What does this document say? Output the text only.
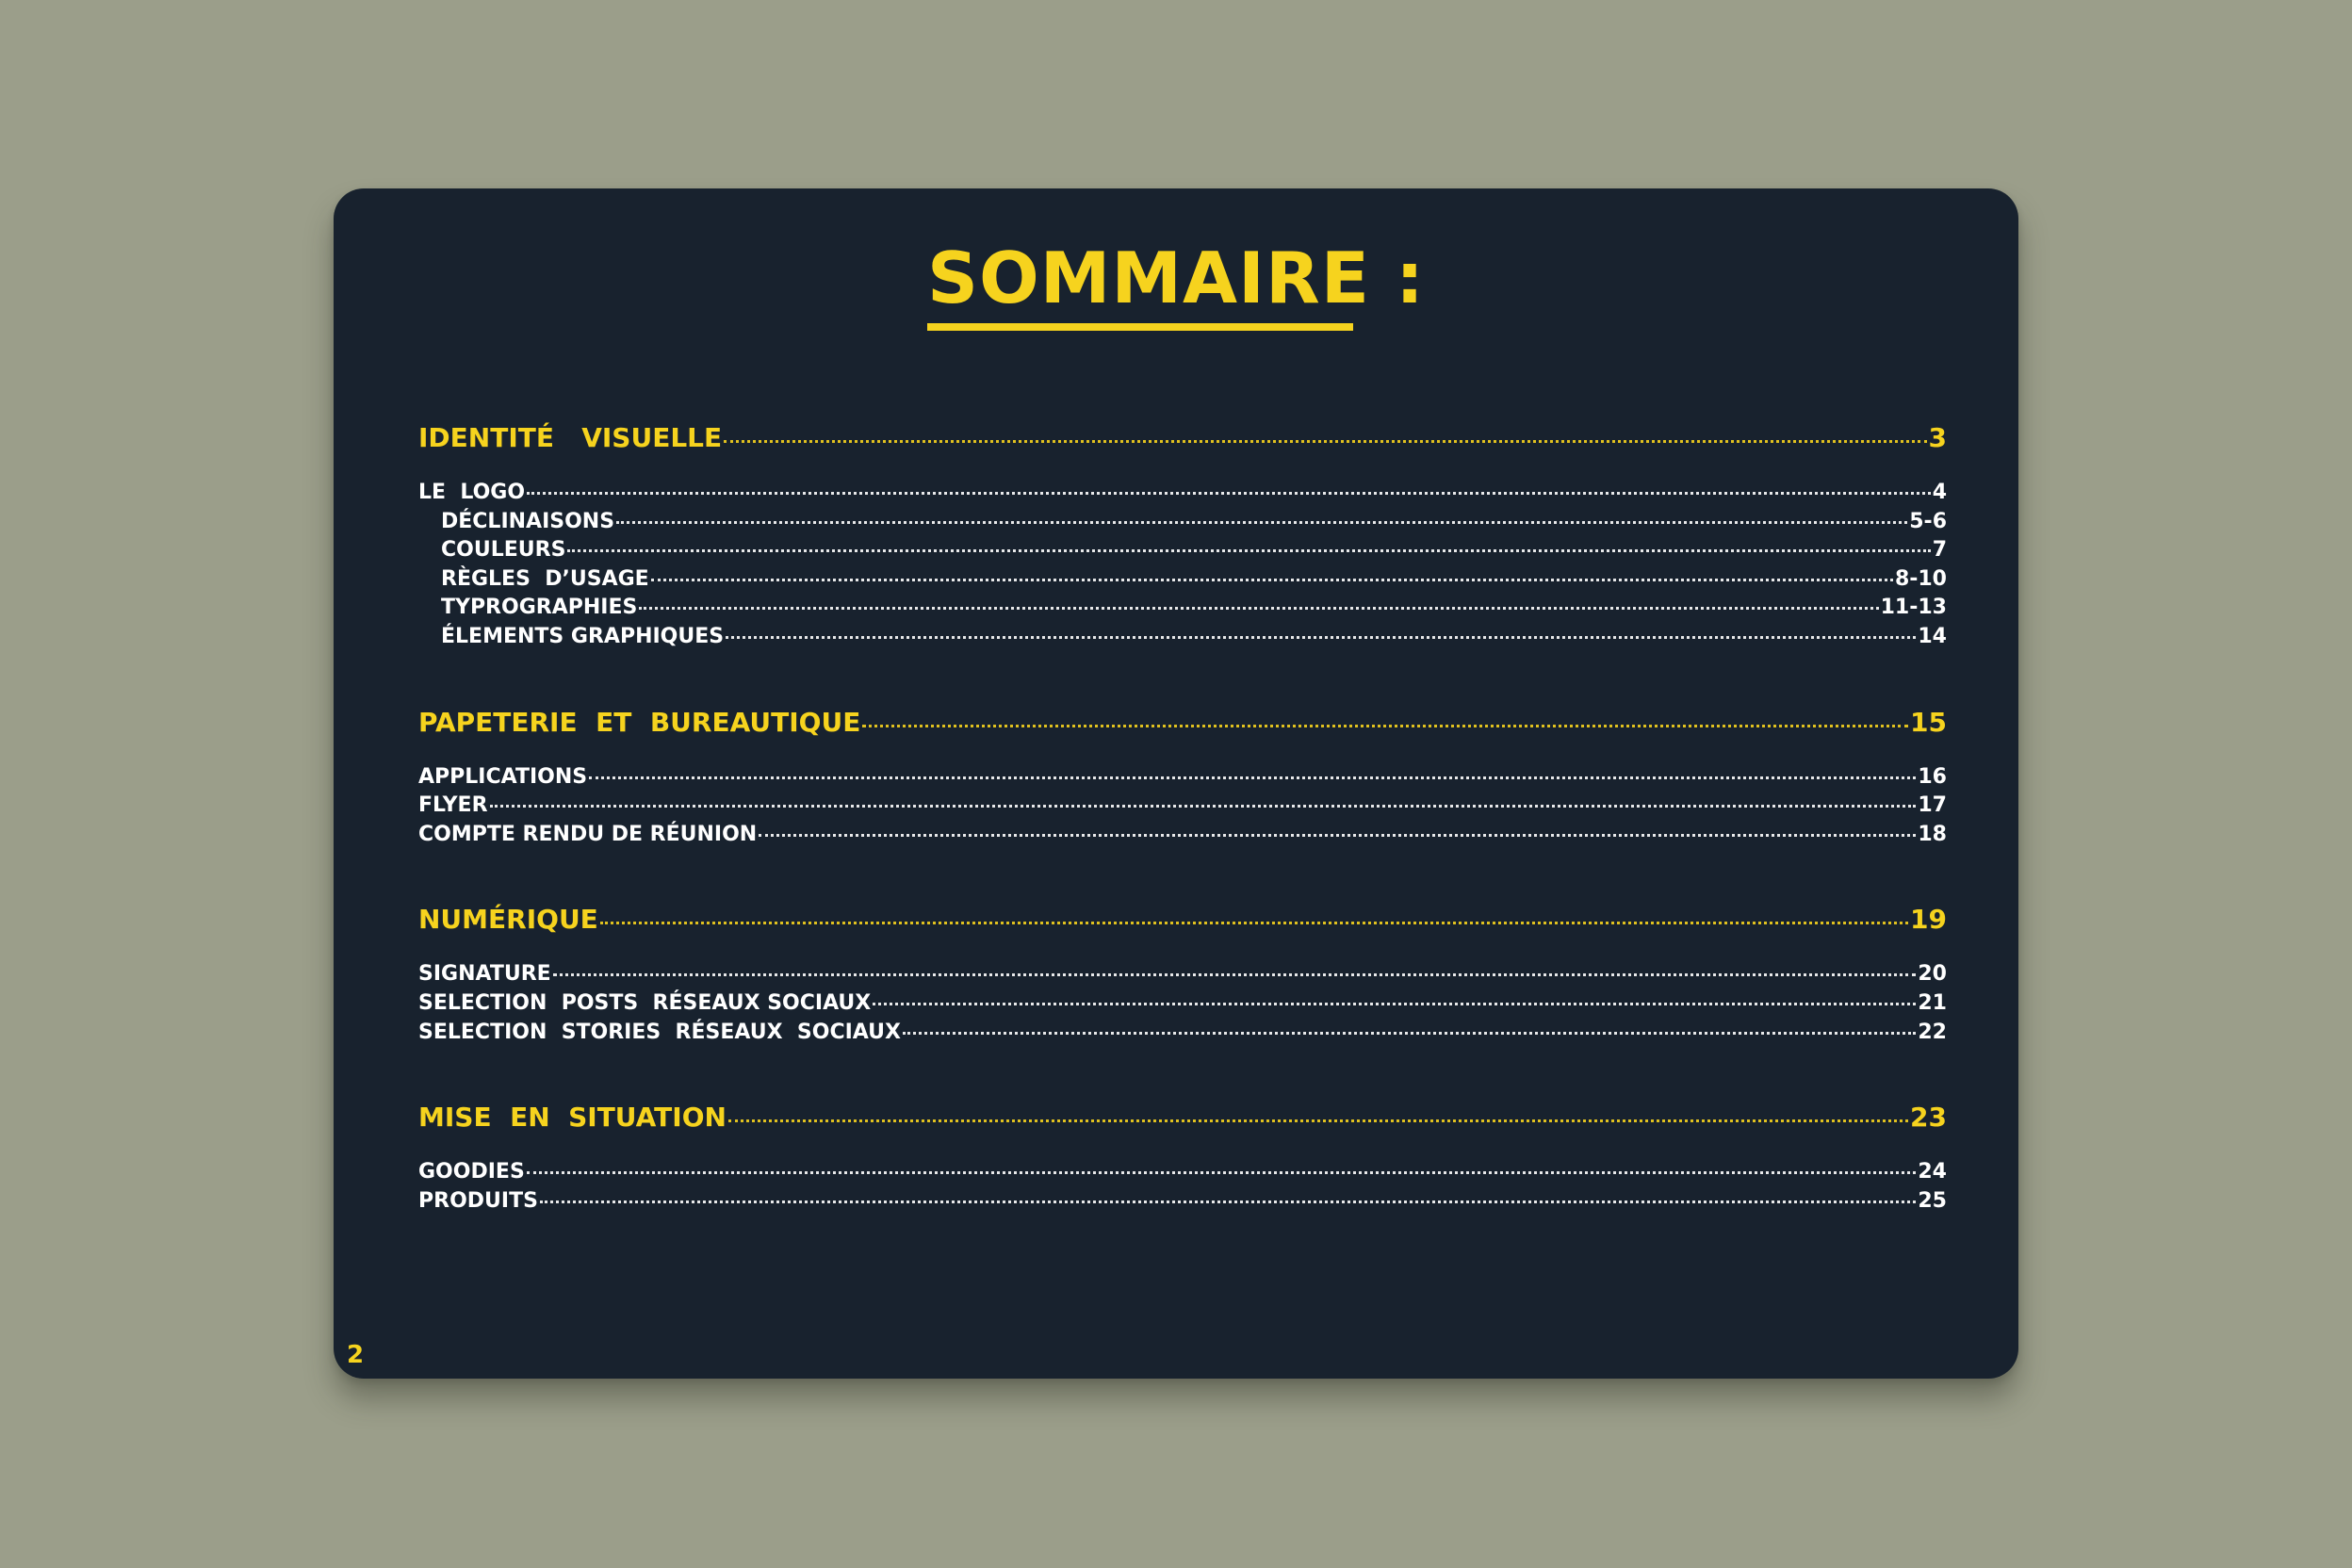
SOMMAIRE :
IDENTITÉ   VISUELLE	3
LE  LOGO	4
DÉCLINAISONS	5-6
COULEURS	7
RÈGLES  D’USAGE	8-10
TYPROGRAPHIES	11-13
ÉLEMENTS GRAPHIQUES	14
PAPETERIE  ET  BUREAUTIQUE	15
APPLICATIONS	16
FLYER	17
COMPTE RENDU DE RÉUNION	18
NUMÉRIQUE	19
SIGNATURE	20
SELECTION  POSTS  RÉSEAUX SOCIAUX	21
SELECTION  STORIES  RÉSEAUX  SOCIAUX	22
MISE  EN  SITUATION	23
GOODIES	24
PRODUITS	25
2
